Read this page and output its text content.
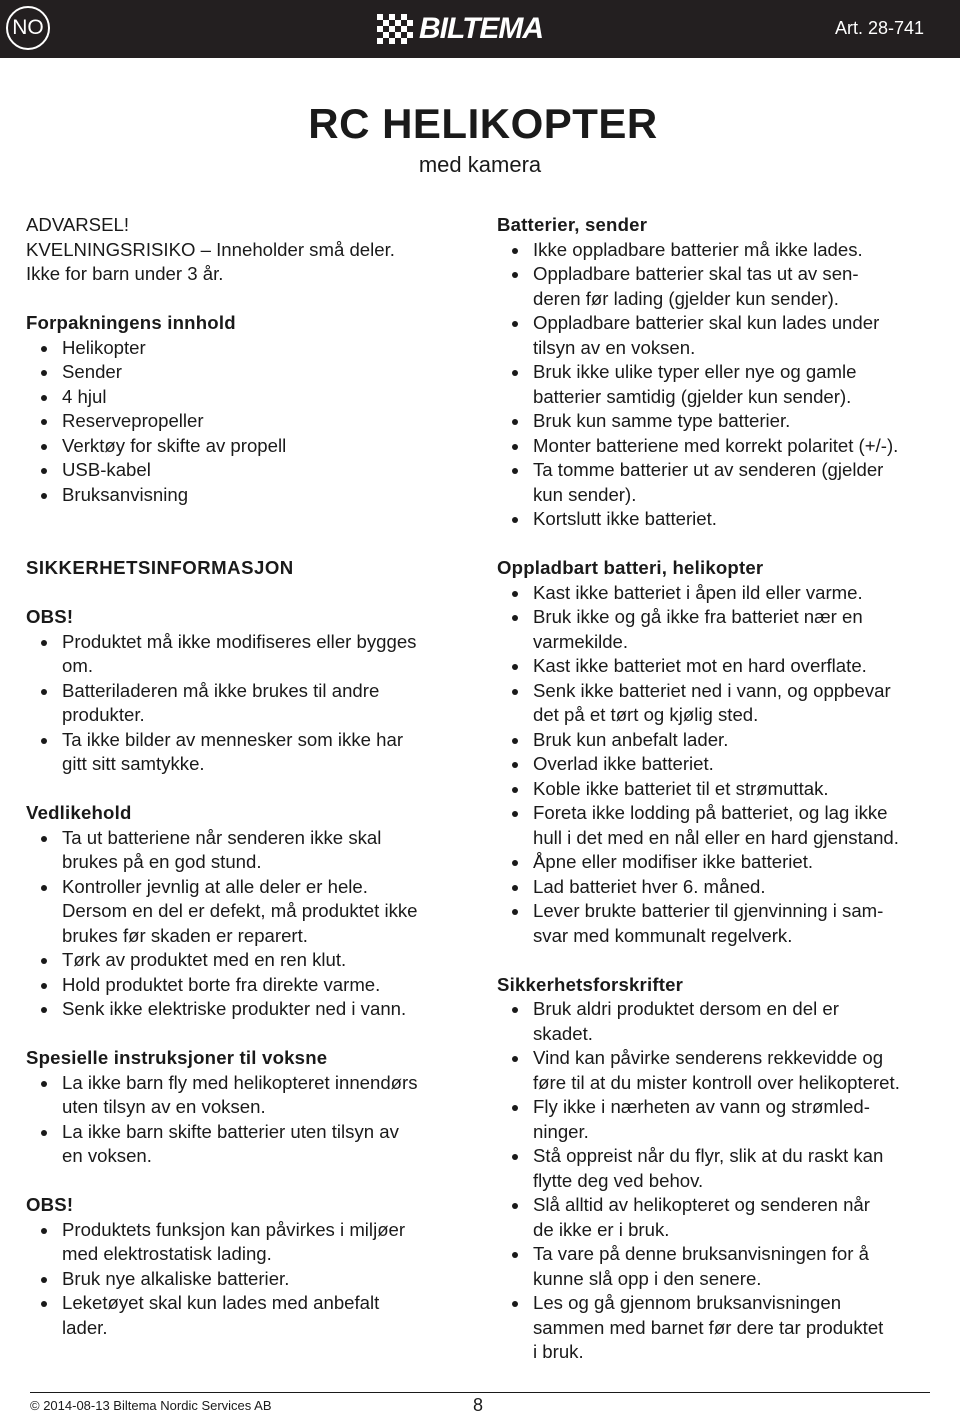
NO	BILTEMA	Art. 28-741
RC HELIKOPTER
med kamera
ADVARSEL!
KVELNINGSRISIKO – Inneholder små deler.
Ikke for barn under 3 år.
Forpakningens innhold
Helikopter
Sender
4 hjul
Reservepropeller
Verktøy for skifte av propell
USB-kabel
Bruksanvisning
SIKKERHETSINFORMASJON
OBS!
Produktet må ikke modifiseres eller bygges
om.
Batteriladeren må ikke brukes til andre
produkter.
Ta ikke bilder av mennesker som ikke har
gitt sitt samtykke.
Vedlikehold
Ta ut batteriene når senderen ikke skal
brukes på en god stund.
Kontroller jevnlig at alle deler er hele.
Dersom en del er defekt, må produktet ikke
brukes før skaden er reparert.
Tørk av produktet med en ren klut.
Hold produktet borte fra direkte varme.
Senk ikke elektriske produkter ned i vann.
Spesielle instruksjoner til voksne
La ikke barn fly med helikopteret innendørs
uten tilsyn av en voksen.
La ikke barn skifte batterier uten tilsyn av
en voksen.
OBS!
Produktets funksjon kan påvirkes i miljøer
med elektrostatisk lading.
Bruk nye alkaliske batterier.
Leketøyet skal kun lades med anbefalt
lader.
Batterier, sender
Ikke oppladbare batterier må ikke lades.
Oppladbare batterier skal tas ut av sen-
deren før lading (gjelder kun sender).
Oppladbare batterier skal kun lades under
tilsyn av en voksen.
Bruk ikke ulike typer eller nye og gamle
batterier samtidig (gjelder kun sender).
Bruk kun samme type batterier.
Monter batteriene med korrekt polaritet (+/-).
Ta tomme batterier ut av senderen (gjelder
kun sender).
Kortslutt ikke batteriet.
Oppladbart batteri, helikopter
Kast ikke batteriet i åpen ild eller varme.
Bruk ikke og gå ikke fra batteriet nær en
varmekilde.
Kast ikke batteriet mot en hard overflate.
Senk ikke batteriet ned i vann, og oppbevar
det på et tørt og kjølig sted.
Bruk kun anbefalt lader.
Overlad ikke batteriet.
Koble ikke batteriet til et strømuttak.
Foreta ikke lodding på batteriet, og lag ikke
hull i det med en nål eller en hard gjenstand.
Åpne eller modifiser ikke batteriet.
Lad batteriet hver 6. måned.
Lever brukte batterier til gjenvinning i sam-
svar med kommunalt regelverk.
Sikkerhetsforskrifter
Bruk aldri produktet dersom en del er
skadet.
Vind kan påvirke senderens rekkevidde og
føre til at du mister kontroll over helikopteret.
Fly ikke i nærheten av vann og strømled-
ninger.
Stå oppreist når du flyr, slik at du raskt kan
flytte deg ved behov.
Slå alltid av helikopteret og senderen når
de ikke er i bruk.
Ta vare på denne bruksanvisningen for å
kunne slå opp i den senere.
Les og gå gjennom bruksanvisningen
sammen med barnet før dere tar produktet
i bruk.
© 2014-08-13 Biltema Nordic Services AB	8
